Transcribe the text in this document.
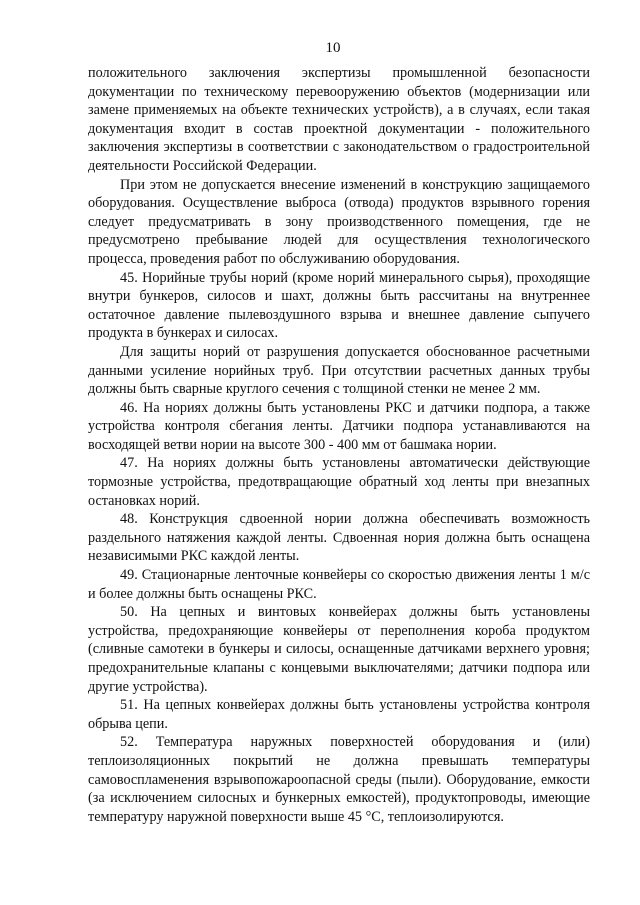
10

положительного заключения экспертизы промышленной безопасности документации по техническому перевооружению объектов (модернизации или замене применяемых на объекте технических устройств), а в случаях, если такая документация входит в состав проектной документации - положительного заключения экспертизы в соответствии с законодательством о градостроительной деятельности Российской Федерации.

При этом не допускается внесение изменений в конструкцию защищаемого оборудования. Осуществление выброса (отвода) продуктов взрывного горения следует предусматривать в зону производственного помещения, где не предусмотрено пребывание людей для осуществления технологического процесса, проведения работ по обслуживанию оборудования.

45. Норийные трубы норий (кроме норий минерального сырья), проходящие внутри бункеров, силосов и шахт, должны быть рассчитаны на внутреннее остаточное давление пылевоздушного взрыва и внешнее давление сыпучего продукта в бункерах и силосах.

Для защиты норий от разрушения допускается обоснованное расчетными данными усиление норийных труб. При отсутствии расчетных данных трубы должны быть сварные круглого сечения с толщиной стенки не менее 2 мм.

46. На нориях должны быть установлены РКС и датчики подпора, а также устройства контроля сбегания ленты. Датчики подпора устанавливаются на восходящей ветви нории на высоте 300 - 400 мм от башмака нории.

47. На нориях должны быть установлены автоматически действующие тормозные устройства, предотвращающие обратный ход ленты при внезапных остановках норий.

48. Конструкция сдвоенной нории должна обеспечивать возможность раздельного натяжения каждой ленты. Сдвоенная нория должна быть оснащена независимыми РКС каждой ленты.

49. Стационарные ленточные конвейеры со скоростью движения ленты 1 м/с и более должны быть оснащены РКС.

50. На цепных и винтовых конвейерах должны быть установлены устройства, предохраняющие конвейеры от переполнения короба продуктом (сливные самотеки в бункеры и силосы, оснащенные датчиками верхнего уровня; предохранительные клапаны с концевыми выключателями; датчики подпора или другие устройства).

51. На цепных конвейерах должны быть установлены устройства контроля обрыва цепи.

52. Температура наружных поверхностей оборудования и (или) теплоизоляционных покрытий не должна превышать температуры самовоспламенения взрывопожароопасной среды (пыли). Оборудование, емкости (за исключением силосных и бункерных емкостей), продуктопроводы, имеющие температуру наружной поверхности выше 45 °С, теплоизолируются.
